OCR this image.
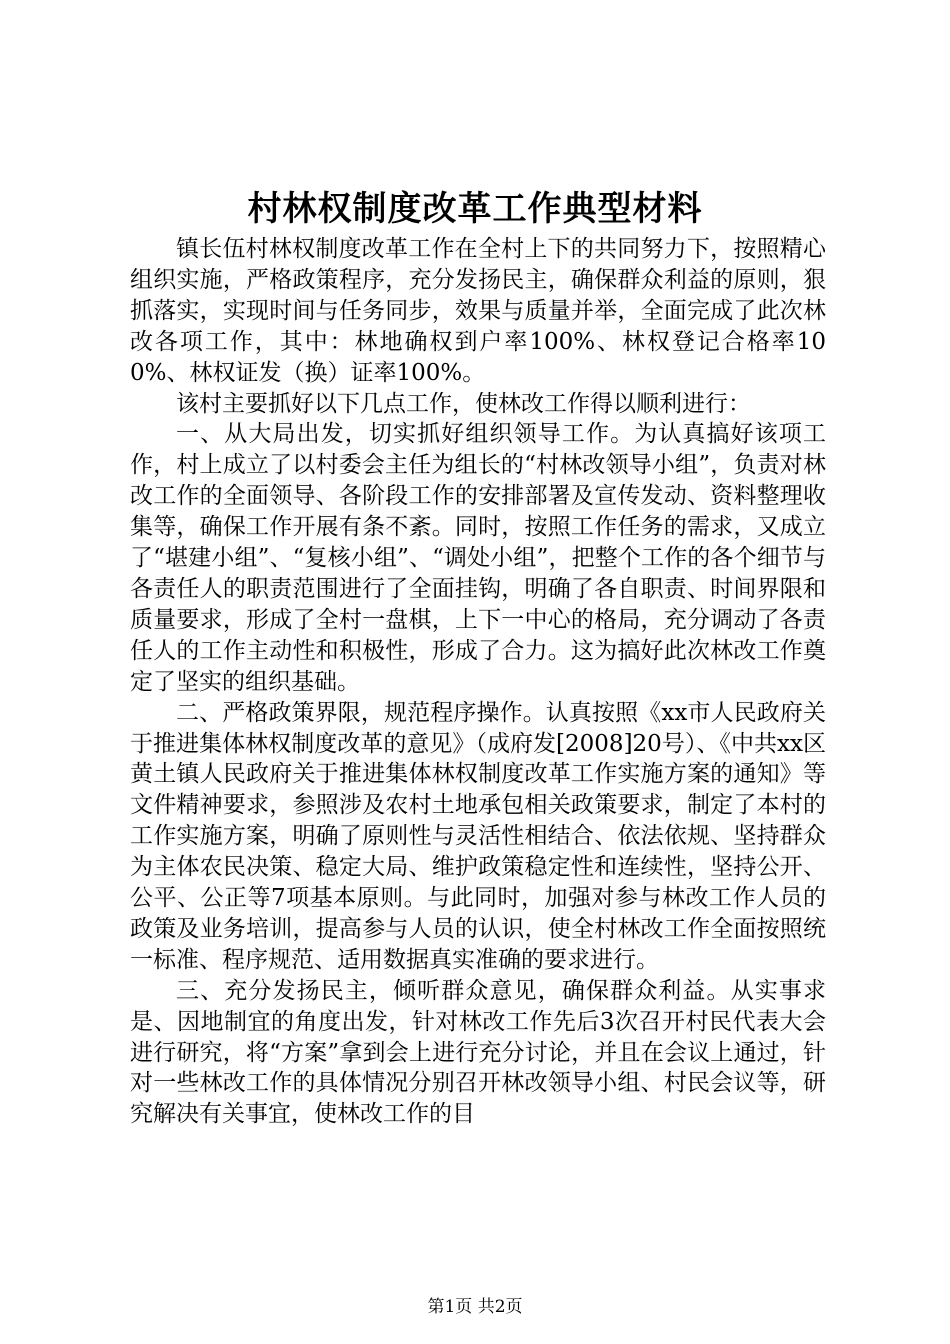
村林权制度改革工作典型材料

镇长伍村林权制度改革工作在全村上下的共同努力下，按照精心组织实施，严格政策程序，充分发扬民主，确保群众利益的原则，狠抓落实，实现时间与任务同步，效果与质量并举，全面完成了此次林改各项工作，其中：林地确权到户率100%、林权登记合格率100%、林权证发（换）证率100%。

该村主要抓好以下几点工作，使林改工作得以顺利进行：

一、从大局出发，切实抓好组织领导工作。为认真搞好该项工作，村上成立了以村委会主任为组长的“村林改领导小组”，负责对林改工作的全面领导、各阶段工作的安排部署及宣传发动、资料整理收集等，确保工作开展有条不紊。同时，按照工作任务的需求，又成立了“堪建小组”、“复核小组”、“调处小组”，把整个工作的各个细节与各责任人的职责范围进行了全面挂钩，明确了各自职责、时间界限和质量要求，形成了全村一盘棋，上下一中心的格局，充分调动了各责任人的工作主动性和积极性，形成了合力。这为搞好此次林改工作奠定了坚实的组织基础。

二、严格政策界限，规范程序操作。认真按照《xx市人民政府关于推进集体林权制度改革的意见》（成府发[2008]20号）、《中共xx区黄土镇人民政府关于推进集体林权制度改革工作实施方案的通知》等文件精神要求，参照涉及农村土地承包相关政策要求，制定了本村的工作实施方案，明确了原则性与灵活性相结合、依法依规、坚持群众为主体农民决策、稳定大局、维护政策稳定性和连续性，坚持公开、公平、公正等7项基本原则。与此同时，加强对参与林改工作人员的政策及业务培训，提高参与人员的认识，使全村林改工作全面按照统一标准、程序规范、适用数据真实准确的要求进行。

三、充分发扬民主，倾听群众意见，确保群众利益。从实事求是、因地制宜的角度出发，针对林改工作先后3次召开村民代表大会进行研究，将“方案”拿到会上进行充分讨论，并且在会议上通过，针对一些林改工作的具体情况分别召开林改领导小组、村民会议等，研究解决有关事宜，使林改工作的目

第1页 共2页
